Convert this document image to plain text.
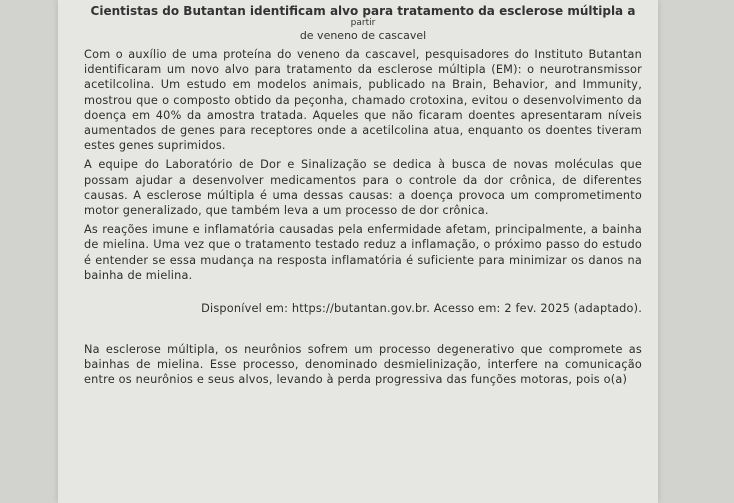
Cientistas do Butantan identificam alvo para tratamento da esclerose múltipla a
partir
de veneno de cascavel

Com o auxílio de uma proteína do veneno da cascavel, pesquisadores do Instituto Butantan identificaram um novo alvo para tratamento da esclerose múltipla (EM): o neurotransmissor acetilcolina. Um estudo em modelos animais, publicado na Brain, Behavior, and Immunity, mostrou que o composto obtido da peçonha, chamado crotoxina, evitou o desenvolvimento da doença em 40% da amostra tratada. Aqueles que não ficaram doentes apresentaram níveis aumentados de genes para receptores onde a acetilcolina atua, enquanto os doentes tiveram estes genes suprimidos.

A equipe do Laboratório de Dor e Sinalização se dedica à busca de novas moléculas que possam ajudar a desenvolver medicamentos para o controle da dor crônica, de diferentes causas. A esclerose múltipla é uma dessas causas: a doença provoca um comprometimento motor generalizado, que também leva a um processo de dor crônica.

As reações imune e inflamatória causadas pela enfermidade afetam, principalmente, a bainha de mielina. Uma vez que o tratamento testado reduz a inflamação, o próximo passo do estudo é entender se essa mudança na resposta inflamatória é suficiente para minimizar os danos na bainha de mielina.

Disponível em: https://butantan.gov.br. Acesso em: 2 fev. 2025 (adaptado).

Na esclerose múltipla, os neurônios sofrem um processo degenerativo que compromete as bainhas de mielina. Esse processo, denominado desmielinização, interfere na comunicação entre os neurônios e seus alvos, levando à perda progressiva das funções motoras, pois o(a)
